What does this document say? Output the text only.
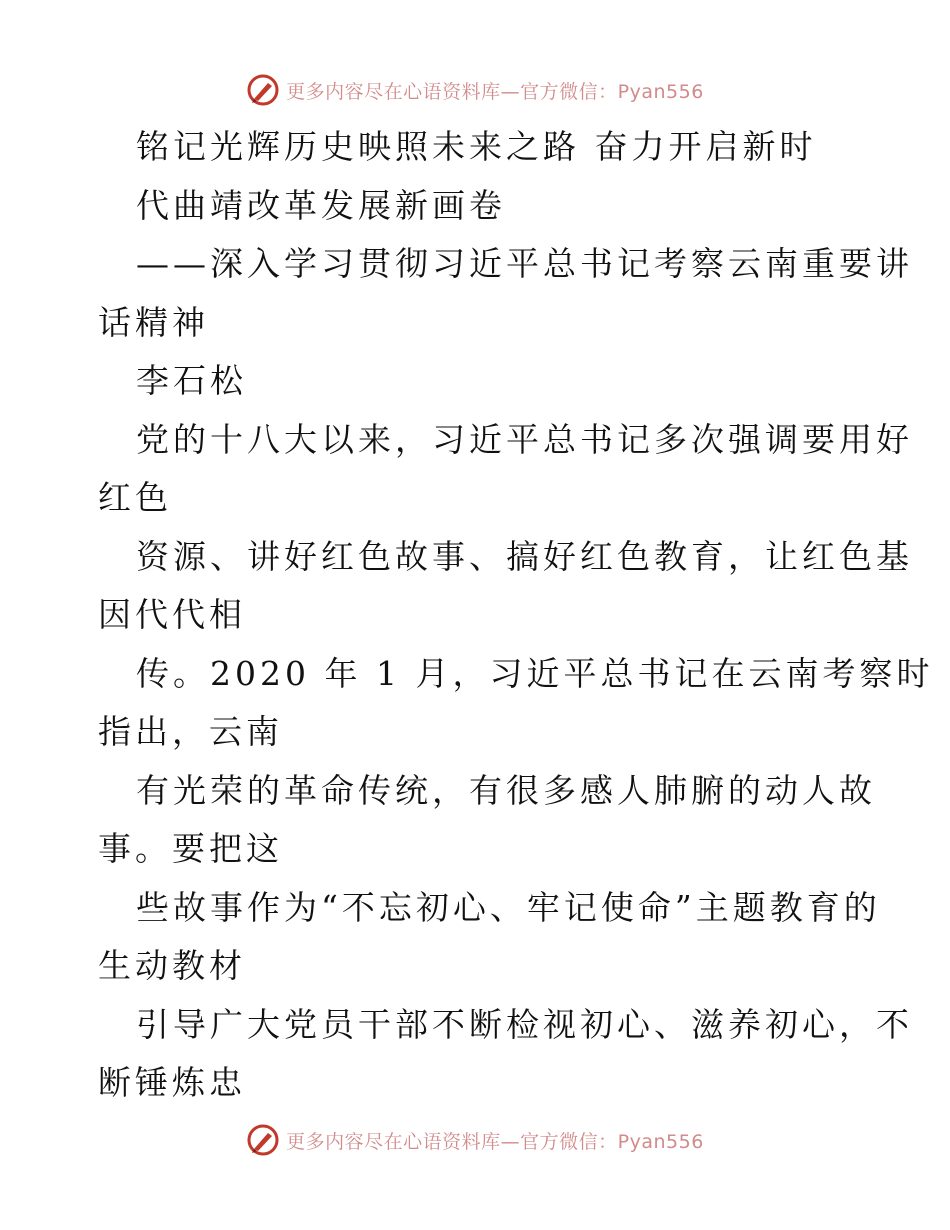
更多内容尽在心语资料库—官方微信：Pyan556
铭记光辉历史映照未来之路 奋力开启新时
代曲靖改革发展新画卷
——深入学习贯彻习近平总书记考察云南重要讲
话精神
李石松
党的十八大以来，习近平总书记多次强调要用好
红色
资源、讲好红色故事、搞好红色教育，让红色基
因代代相
传。2020 年 1 月，习近平总书记在云南考察时
指出，云南
有光荣的革命传统，有很多感人肺腑的动人故
事。要把这
些故事作为“不忘初心、牢记使命”主题教育的
生动教材
引导广大党员干部不断检视初心、滋养初心，不
断锤炼忠
更多内容尽在心语资料库—官方微信：Pyan556
